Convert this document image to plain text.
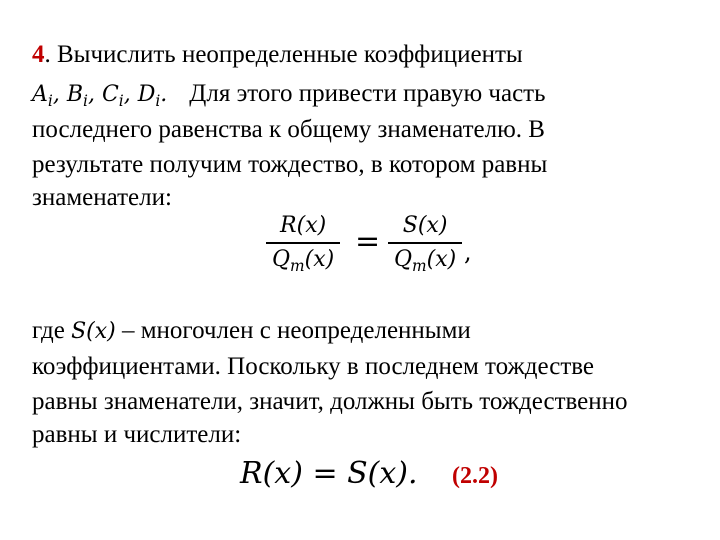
4. Вычислить неопределенные коэффициенты
$A_i$, $B_i$, $C_i$, $D_i$. Для этого привести правую часть
последнего равенства к общему знаменателю. В
результате получим тождество, в котором равны
знаменатели:
R(x)
$Q_m(x)$
=	S(x)
$Q_m(x)$ ,
где S(x) – многочлен с неопределенными
коэффициентами. Поскольку в последнем тождестве
равны знаменатели, значит, должны быть тождественно
равны и числители:
R(x) = S(x). (2.2)
